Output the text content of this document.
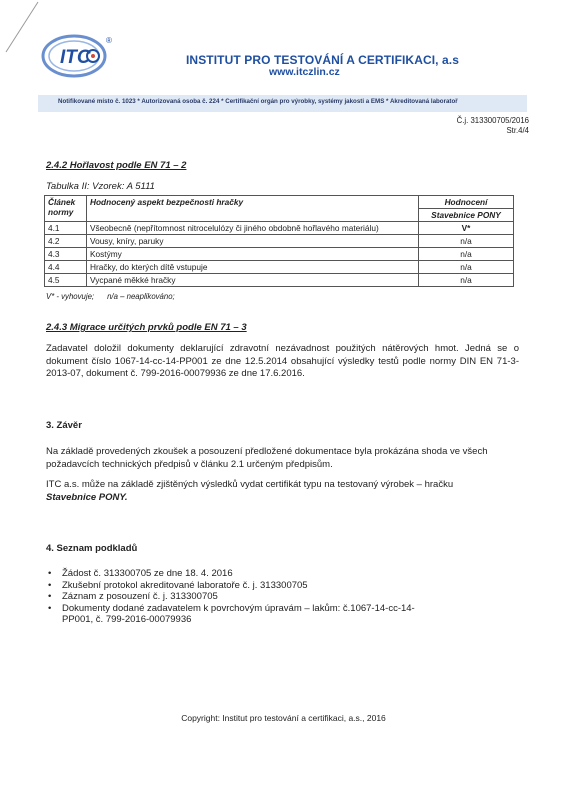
ITC
®
INSTITUT PRO TESTOVÁNÍ A CERTIFIKACI, a.s
www.itczlin.cz
Notifikované místo č. 1023 * Autorizovaná osoba č. 224 * Certifikační orgán pro výrobky, systémy jakosti a EMS * Akreditovaná laboratoř
Č.j. 313300705/2016
Str.4/4
2.4.2 Hořlavost podle EN 71 – 2
Tabulka II: Vzorek: A 5111
Článek normy	Hodnocený aspekt bezpečnosti hračky	Hodnocení
		Stavebnice PONY
4.1	Všeobecně (nepřítomnost nitrocelulózy či jiného obdobně hořlavého materiálu)	V*
4.2	Vousy, kníry, paruky	n/a
4.3	Kostýmy	n/a
4.4	Hračky, do kterých dítě vstupuje	n/a
4.5	Vycpané měkké hračky	n/a
V* - vyhovuje;      n/a – neaplikováno;
2.4.3 Migrace určitých prvků podle EN 71 – 3
Zadavatel doložil dokumenty deklarující zdravotní nezávadnost použitých nátěrových hmot. Jedná se o dokument číslo 1067-14-cc-14-PP001 ze dne 12.5.2014 obsahující výsledky testů podle normy DIN EN 71-3-2013-07, dokument č. 799-2016-00079936 ze dne 17.6.2016.
3. Závěr
Na základě provedených zkoušek a posouzení předložené dokumentace byla prokázána shoda ve všech požadavcích technických předpisů v článku 2.1 určeným předpisům.
ITC a.s. může na základě zjištěných výsledků vydat certifikát typu na testovaný výrobek – hračku
Stavebnice PONY.
4. Seznam podkladů
• Žádost č. 313300705 ze dne 18. 4. 2016
• Zkušební protokol akreditované laboratoře č. j. 313300705
• Záznam z posouzení č. j. 313300705
• Dokumenty dodané zadavatelem k povrchovým úpravám – lakům: č.1067-14-cc-14-PP001, č. 799-2016-00079936
Copyright: Institut pro testování a certifikaci, a.s., 2016
